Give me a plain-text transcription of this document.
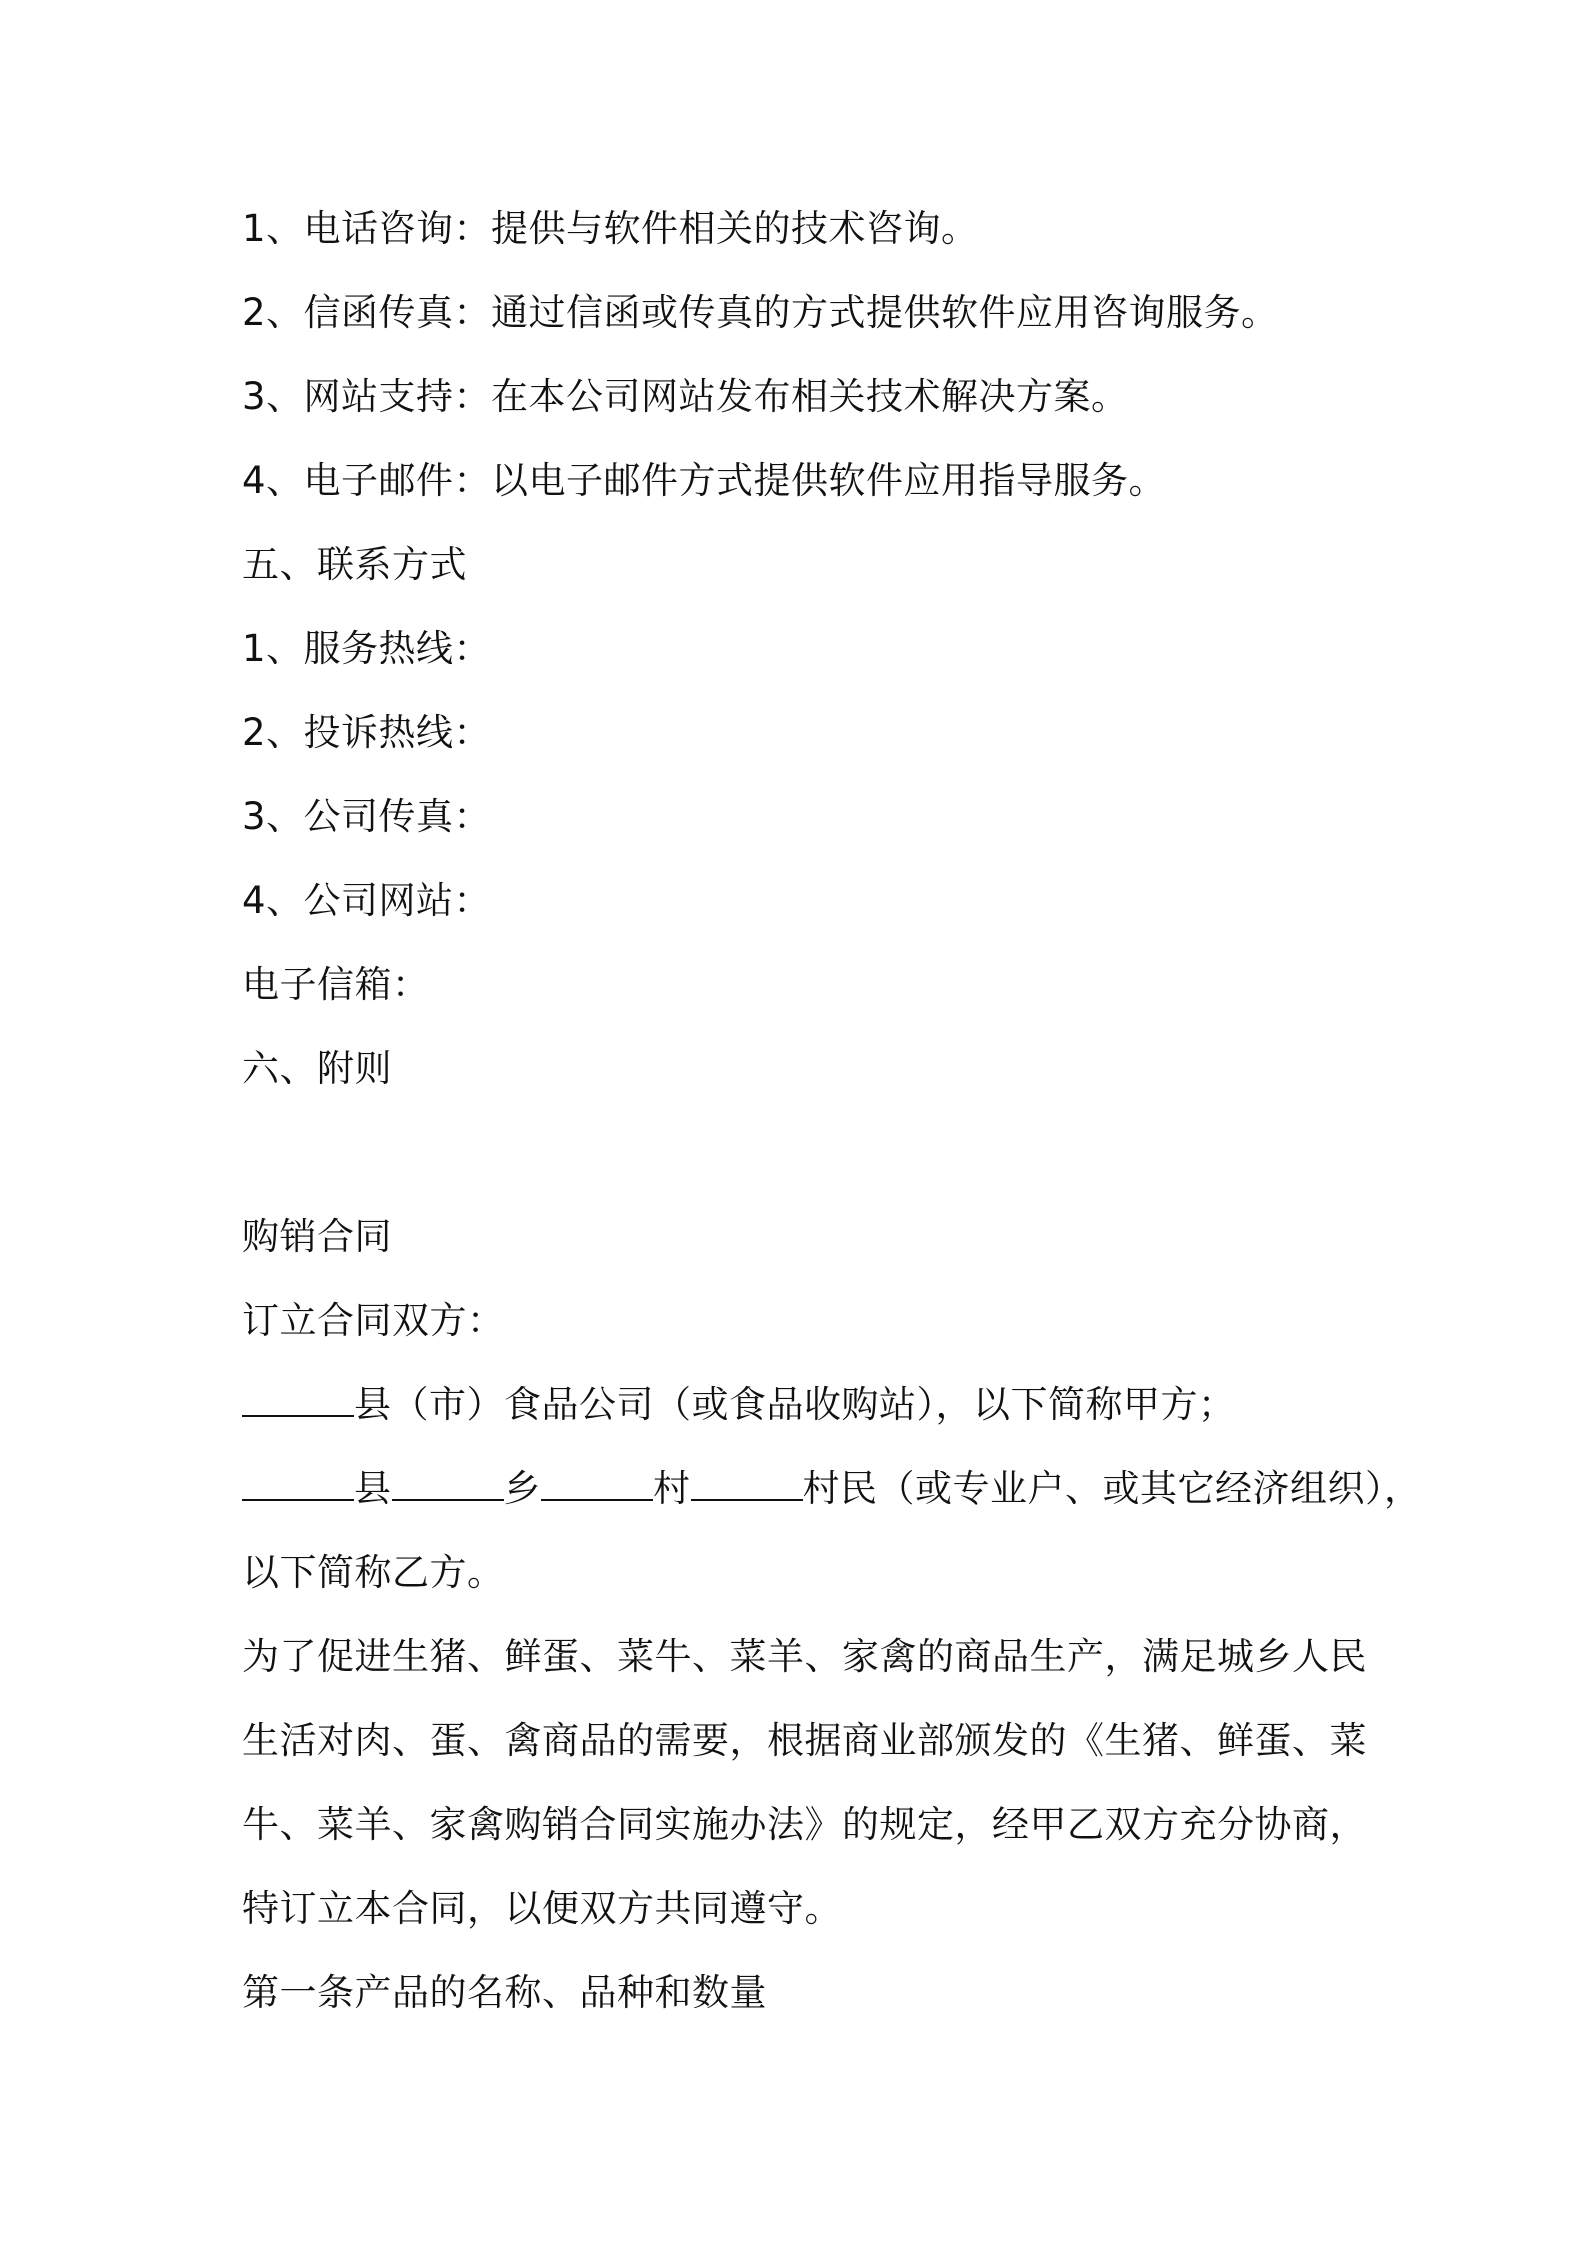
1、电话咨询：提供与软件相关的技术咨询。
2、信函传真：通过信函或传真的方式提供软件应用咨询服务。
3、网站支持：在本公司网站发布相关技术解决方案。
4、电子邮件：以电子邮件方式提供软件应用指导服务。
五、联系方式
1、服务热线：
2、投诉热线：
3、公司传真：
4、公司网站：
电子信箱：
六、附则
购销合同
订立合同双方：
县（市）食品公司（或食品收购站），以下简称甲方；
县	乡	村	村民（或专业户、或其它经济组织），
以下简称乙方。
为了促进生猪、鲜蛋、菜牛、菜羊、家禽的商品生产，满足城乡人民
生活对肉、蛋、禽商品的需要，根据商业部颁发的《生猪、鲜蛋、菜
牛、菜羊、家禽购销合同实施办法》的规定，经甲乙双方充分协商，
特订立本合同，以便双方共同遵守。
第一条产品的名称、品种和数量
